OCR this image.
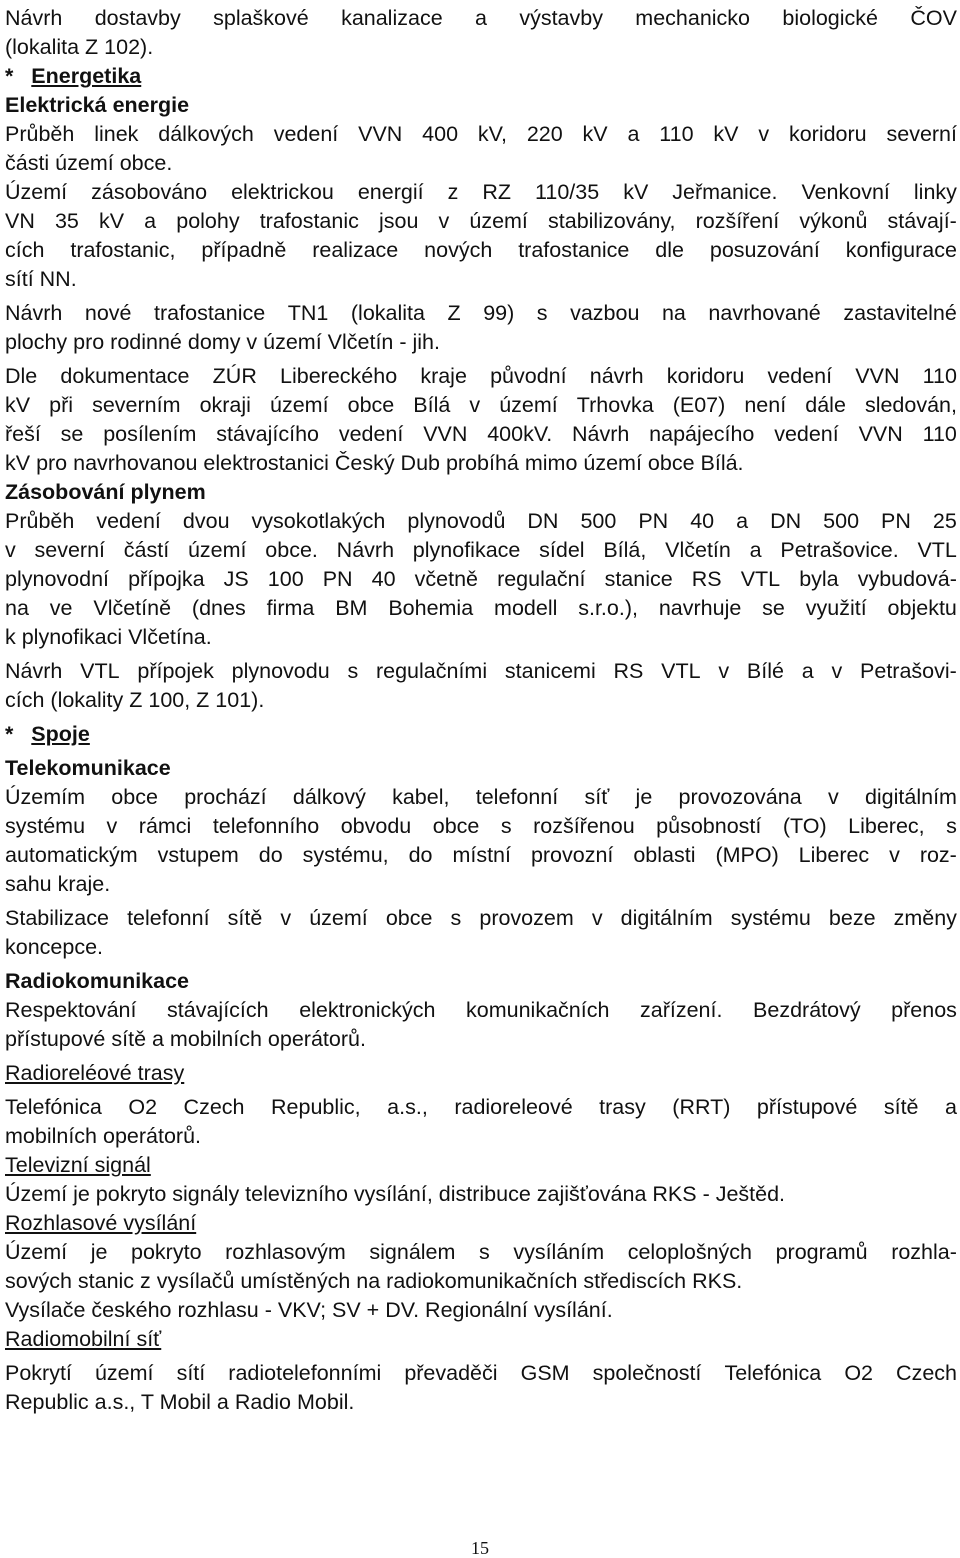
Návrh dostavby splaškové kanalizace a výstavby mechanicko biologické ČOV
(lokalita Z 102).
* Energetika
Elektrická energie
Průběh linek dálkových vedení VVN 400 kV, 220 kV a 110 kV v koridoru severní
části území obce.
Území zásobováno elektrickou energií z RZ 110/35 kV Jeřmanice. Venkovní linky
VN 35 kV a polohy trafostanic jsou v území stabilizovány, rozšíření výkonů stávají-
cích trafostanic, případně realizace nových trafostanice dle posuzování konfigurace
sítí NN.
Návrh nové trafostanice TN1 (lokalita Z 99) s vazbou na navrhované zastavitelné
plochy pro rodinné domy v území Vlčetín - jih.
Dle dokumentace ZÚR Libereckého kraje původní návrh koridoru vedení VVN 110
kV při severním okraji území obce Bílá v území Trhovka (E07) není dále sledován,
řeší se posílením stávajícího vedení VVN 400kV. Návrh napájecího vedení VVN 110
kV pro navrhovanou elektrostanici Český Dub probíhá mimo území obce Bílá.
Zásobování plynem
Průběh vedení dvou vysokotlakých plynovodů DN 500 PN 40 a DN 500 PN 25
v severní částí území obce. Návrh plynofikace sídel Bílá, Vlčetín a Petrašovice. VTL
plynovodní přípojka JS 100 PN 40 včetně regulační stanice RS VTL byla vybudová-
na ve Vlčetíně (dnes firma BM Bohemia modell s.r.o.), navrhuje se využití objektu
k plynofikaci Vlčetína.
Návrh VTL přípojek plynovodu s regulačními stanicemi RS VTL v Bílé a v Petrašovi-
cích (lokality Z 100, Z 101).
* Spoje
Telekomunikace
Územím obce prochází dálkový kabel, telefonní síť je provozována v digitálním
systému v rámci telefonního obvodu obce s rozšířenou působností (TO) Liberec, s
automatickým vstupem do systému, do místní provozní oblasti (MPO) Liberec v roz-
sahu kraje.
Stabilizace telefonní sítě v území obce s provozem v digitálním systému beze změny
koncepce.
Radiokomunikace
Respektování stávajících elektronických komunikačních zařízení. Bezdrátový přenos
přístupové sítě a mobilních operátorů.
Radioreléové trasy
Telefónica O2 Czech Republic, a.s., radioreleové trasy (RRT) přístupové sítě a
mobilních operátorů.
Televizní signál
Území je pokryto signály televizního vysílání, distribuce zajišťována RKS - Ještěd.
Rozhlasové vysílání
Území je pokryto rozhlasovým signálem s vysíláním celoplošných programů rozhla-
sových stanic z vysílačů umístěných na radiokomunikačních střediscích RKS.
Vysílače českého rozhlasu - VKV; SV + DV. Regionální vysílání.
Radiomobilní síť
Pokrytí území sítí radiotelefonními převaděči GSM společností Telefónica O2 Czech
Republic a.s., T Mobil a Radio Mobil.
15
